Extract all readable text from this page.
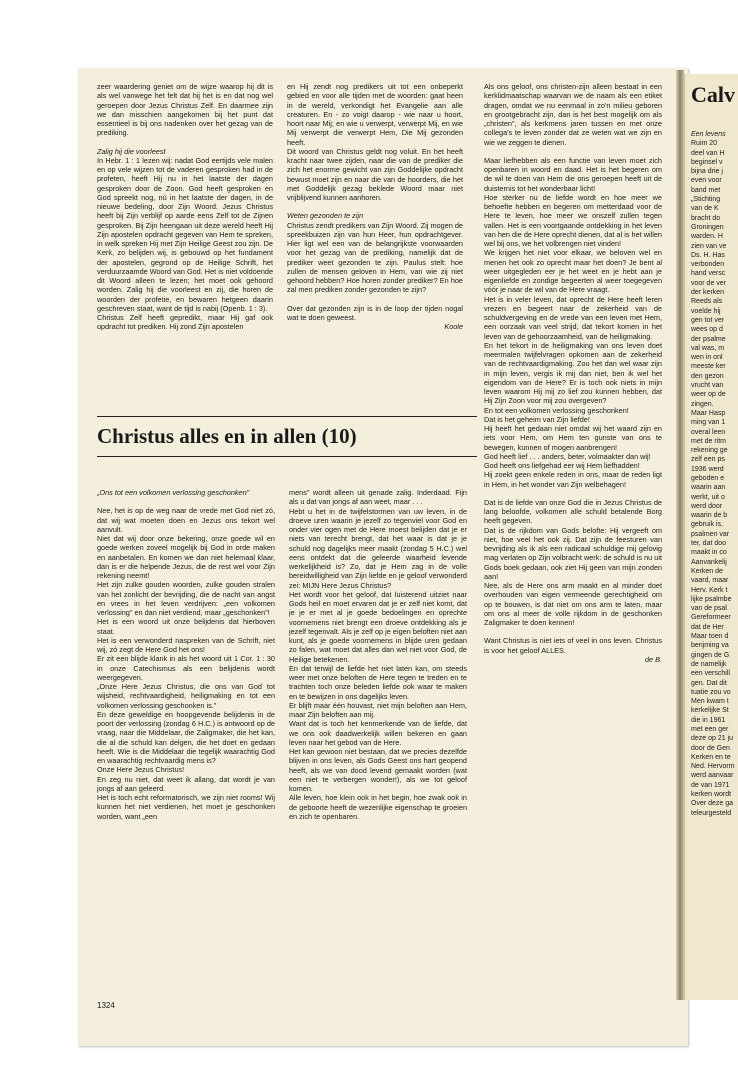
zeer waardering geniet om de wijze waarop hij dit is als wel vanwege het felt dat hij het is en dat nog wel geroepen door Jezus Christus Zelf. En daarmee zijn we dan misschien aangekomen bij het punt dat essentieel is bij ons nadenken over het gezag van de prediking.

Zalig hij die voorleest

In Hebr. 1 : 1 lezen wij: nadat God eertijds vele malen en op vele wijzen tot de vaderen gesproken had in de profeten, heeft Hij nu in het laatste der dagen gesproken door de Zoon. God heeft gesproken en God spreekt nog, nú in het laatste der dagen, in de nieuwe bedeling, door Zijn Woord. Jezus Christus heeft bij Zijn verblijf op aarde eens Zelf tot de Zijnen gesproken. Bij Zijn heengaan uit deze wereld heeft Hij Zijn apostelen opdracht gegeven van Hem te spreken, in welk spreken Hij met Zijn Heilige Geest zou zijn. De Kerk, zo belijden wij, is gebouwd op het fundament der apostelen, gegrond op de Heilige Schrift, het verduurzaamde Woord van God. Het is niet voldoende dit Woord alleen te lezen; het moet ook gehoord worden. Zalig hij die voorleest en zij, die horen de woorden der profetie, en bewaren hetgeen daarin geschreven staat, want de tijd is nabij (Openb. 1 : 3).

Christus Zelf heeft gepredikt, maar Hij gaf ook opdracht tot prediken. Hij zond Zijn apostelen

en Hij zendt nog predikers uit tot een onbeperkt gebied en voor alle tijden met de woorden: gaat heen in de wereld, verkondigt het Evangelie aan alle creaturen. En - zo voigt daarop - wie naar u hoort, hoort naar Mij; en wie u verwerpt, verwerpt Mij, en wie Mij verwerpt die verwerpt Hem, Die Mij gezonden heeft.

Dit woord van Christus geldt nog voluit. En het heeft kracht naar twee zijden, naar die van de prediker die zich het enorme gewicht van zijn Goddelijke opdracht bewust moet zijn en naar die van de hoorders, die het met Goddelijk gezag beklede Woord maar niet vrijblijvend kunnen aanhoren.

Weten gezonden te zijn

Christus zendt predikers van Zijn Woord. Zij mogen de spreekbuizen zijn van hun Heer, hun opdrachtgever. Hier ligt wel een van de belangrijkste voorwaarden voor het gezag van de prediking, namelijk dat de prediker weet gezonden te zijn. Paulus stelt: hoe zullen de mensen geloven in Hem, van wie zij niet gehoord hebben? Hoe horen zonder prediker? En hoe zal men prediken zonder gezonden te zijn?

Over dat gezonden zijn is in de loop der tijden nogal wat te doen geweest.

Koole

Als ons geloof, ons christen-zijn alleen bestaat in een kerklidmaatschap waarvan we de naam als een etiket dragen, omdat we nu eenmaal in zo'n milieu geboren en grootgebracht zijn, dan is het best mogelijk om als „christen", als kerkmens jaren tussen en met onze collega's te leven zonder dat ze weten wat we zijn en wie we zeggen te dienen.

Maar liefhebben als een functie van leven moet zich openbaren in woord en daad. Het is het begeren om de wil te doen van Hem die ons geroepen heeft uit de duisternis tot het wonderbaar licht!

Hoe sterker nu de liefde wordt en hoe meer we behoefte hebben en begeren om metterdaad voor de Here te leven, hoe meer we onszelf zullen tegen vallen. Het is een voortgaande ontdekking in het leven van hen die de Here oprecht dienen, dat al is het willen wel bij ons, we het volbrengen niet vinden!

We krijgen het niet voor elkaar, we beloven wel en menen het ook zo oprecht maar het doen? Je bent al weer uitgegleden eer je het weet en je hebt aan je eigenliefde en zondige begeerten al weer toegegeven vóór je naar de wil van de Here vraagt.

Het is in veler leven, dat oprecht de Here heeft leren vrezen en begeert naar de zekerheid van de schuldvergeving en de vrede van een leven met Hem, een oorzaak van veel strijd, dat tekort komen in het leven van de gehoorzaamheid, van de heiligmaking.

En het tekort in de heiligmaking van ons leven doet meermalen twijfelvragen opkomen aan de zekerheid van de rechtvaardigmaking. Zou het dan wel waar zijn in mijn leven, vergis ik mij dan niet, ben ik wel het eigendom van de Here? Er is toch ook niets in mijn leven waarom Hij mij zo lief zou kunnen hebben, dat Hij Zijn Zoon voor mij zou overgeven?

En tot een volkomen verlossing geschonken!

Dat is het geheim van Zijn liefde!

Hij heeft het gedaan niet omdat wij het waard zijn en iets voor Hem, om Hem ten gunste van ons te bewegen, kunnen of mogen aanbrengen!

God heeft lief . . . anders, beter, volmaakter dan wij!

God heeft ons liefgehad eer wij Hem liefhadden!

Hij zoekt geen enkele reden in ons, maar de reden ligt in Hem, in het wonder van Zijn welbehagen!

Dat is de liefde van onze God die in Jezus Christus de lang beloofde, volkomen alle schuld betalende Borg heeft gegeven.

Dat is de rijkdom van Gods belofte: Hij vergeeft om niet, hoe veel het ook zij. Dat zijn de feesturen van bevrijding als ik als een radicaal schuldige mij gelovig mag verlaten op Zijn volbracht werk: de schuld is nu uit Gods boek gedaan, ook ziet Hij geen van mijn zonden aan!

Nee, als de Here ons arm maakt en al minder doet overhouden van eigen vermeende gerechtigheid om op te bouwen, is dat niet om ons arm te laten, maar om ons al meer de volle rijkdom in de geschonken Zaligmaker te doen kennen!

Want Christus is niet iets of veel in ons leven. Christus is voor het geloof ALLES.

de B.

Christus alles en in allen (10)

„Ons tot een volkomen verlossing geschonken"

Nee, het is op de weg naar de vrede met God niet zó, dat wij wat moeten doen en Jezus ons tekort wel aanvult.

Niet dat wij door onze bekering, onze goede wil en goede werken zoveel mogelijk bij God in orde maken en aanbetalen. En komen we dan niet helemaal klaar, dan is er die helpende Jezus, die de rest wel voor Zijn rekening neemt!

Het zijn zulke gouden woorden, zulke gouden stralen van het zonlicht der bevrijding, die de nacht van angst en vrees in het leven verdrijven: „een volkomen verlossing" en dan niet verdiend, maar „geschonken"!

Het is een woord uit onze belijdenis dat hierboven staat.

Het is een verwonderd naspreken van de Schrift, niet wij, zó zegt de Here God het ons!

Er zit een blijde klank in als het woord uit 1 Cor. 1 : 30 in onze Catechismus als een belijdenis wordt weergegeven.

„Onze Here Jezus Christus, die ons van God tot wijsheid, rechtvaardigheid, heiligmaking en tot een volkomen verlossing geschonken is."

En deze geweldige en hoopgevende belijdenis in de poort der verlossing (zondag 6 H.C.) is antwoord op de vraag, naar die Middelaar, die Zaligmaker, die het kan, die al die schuld kan delgen, die het doet en gedaan heeft. Wie is die Middelaar die tegelijk waarachtig God en waarachtig rechtvaardig mens is?

Onze Here Jezus Christus!

En zeg nu niet, dat weet ik allang, dat wordt je van jongs af aan geleerd.

Het is toch echt reformatorisch, we zijn niet rooms! Wij kunnen het niet verdienen, het moet je geschonken worden, want „een

mens" wordt alleen uit genade zalig. Inderdaad. Fijn als u dat van jongs af aan weet, maar . . .

Hebt u het in de twijfelstormen van uw leven, in de droeve uren waarin je jezelf zo tegenviel voor God en onder vier ogen met de Here moest belijden dat je er niets van terecht brengt, dat het waar is dat je je schuld nog dagelijks meer maakt (zondag 5 H.C.) wel eens ontdekt dat die geleerde waarheid levende werkelijkheid is? Zo, dat je Hem zag in de volle bereidwilligheid van Zijn liefde en je geloof verwonderd zei: MIJN Here Jezus Christus?

Het wordt voor het geloof, dat luisterend uitziet naar Gods heil en moet ervaren dat je er zelf niet komt, dat je je er met al je goede bedoelingen en oprechte voornemens niet brengt een droeve ontdekking als je jezelf tegenvalt. Als je zelf op je eigen beloften niet aan kunt, als je goede voornemens in blijde uren gedaan zo falen, wat moet dat alles dan wel niet voor God, de Heilige betekenen.

En dat terwijl de liefde het niet laten kan, om steeds weer met onze beloften de Here tegen te treden en te trachten toch onze beleden liefde ook waar te maken en te bewijzen in ons dagelijks leven.

Er blijft maar één houvast, niet mijn beloften aan Hem, maar Zijn beloften aan mij.

Want dat is toch het kenmerkende van de liefde, dat we ons ook daadwerkelijk willen bekeren en gaan leven naar het gebod van de Here.

Het kan gewoon niet bestaan, dat we precies dezelfde blijven in ons leven, als Gods Geest ons hart geopend heeft, als we van dood levend gemaakt worden (wat een niet te verbergen wonder!), als we tot geloof komen.

Alle leven, hoe klein ook in het begin, hoe zwak ook in de geboorte heeft de wezenlijke eigenschap te groeien en zich te openbaren.

1324
Calv
Een levens
Ruim 20
deel van H
beginsel v
bijna drie j
even voor
band met
„Stichting
van de K
bracht do
Groningen
warden. H
zien van ve
Ds. H. Has
verbonden
hand versc
voor de ver
der kerken
Reeds als
voelde hij
gen tot ver
wees op d
der psalme
val was, m
wen in onl
meeste ker
den gezon
vrucht van
weer op de
zingen.
Maar Hasp
ming van 1
overal leen
met de ritm
rekening ge
zelf een ps
1936 werd
geboden e
waarin aan
werkt, uit o
werd door
waarin de b
gebruik is,
psalmen var
ter, dat doo
maakt in co
Aanvankelij
Kerken de
vaard, maar
Herv. Kerk t
lijke psalmbe
van de psal
Gereformeer
dat de Her
Maar toen d
berijming va
gingen de G
de namelijk
een verschill
gen. Dat dit
tuatie zou vo
Men kwam t
kerkelijke St
die in 1961
met een ger
deze op 21 ju
door de Gen
Kerken en te
Ned. Hervorm
werd aanvaar
de van 1971
kerken wordt
Over deze ga
teleurgesteld
